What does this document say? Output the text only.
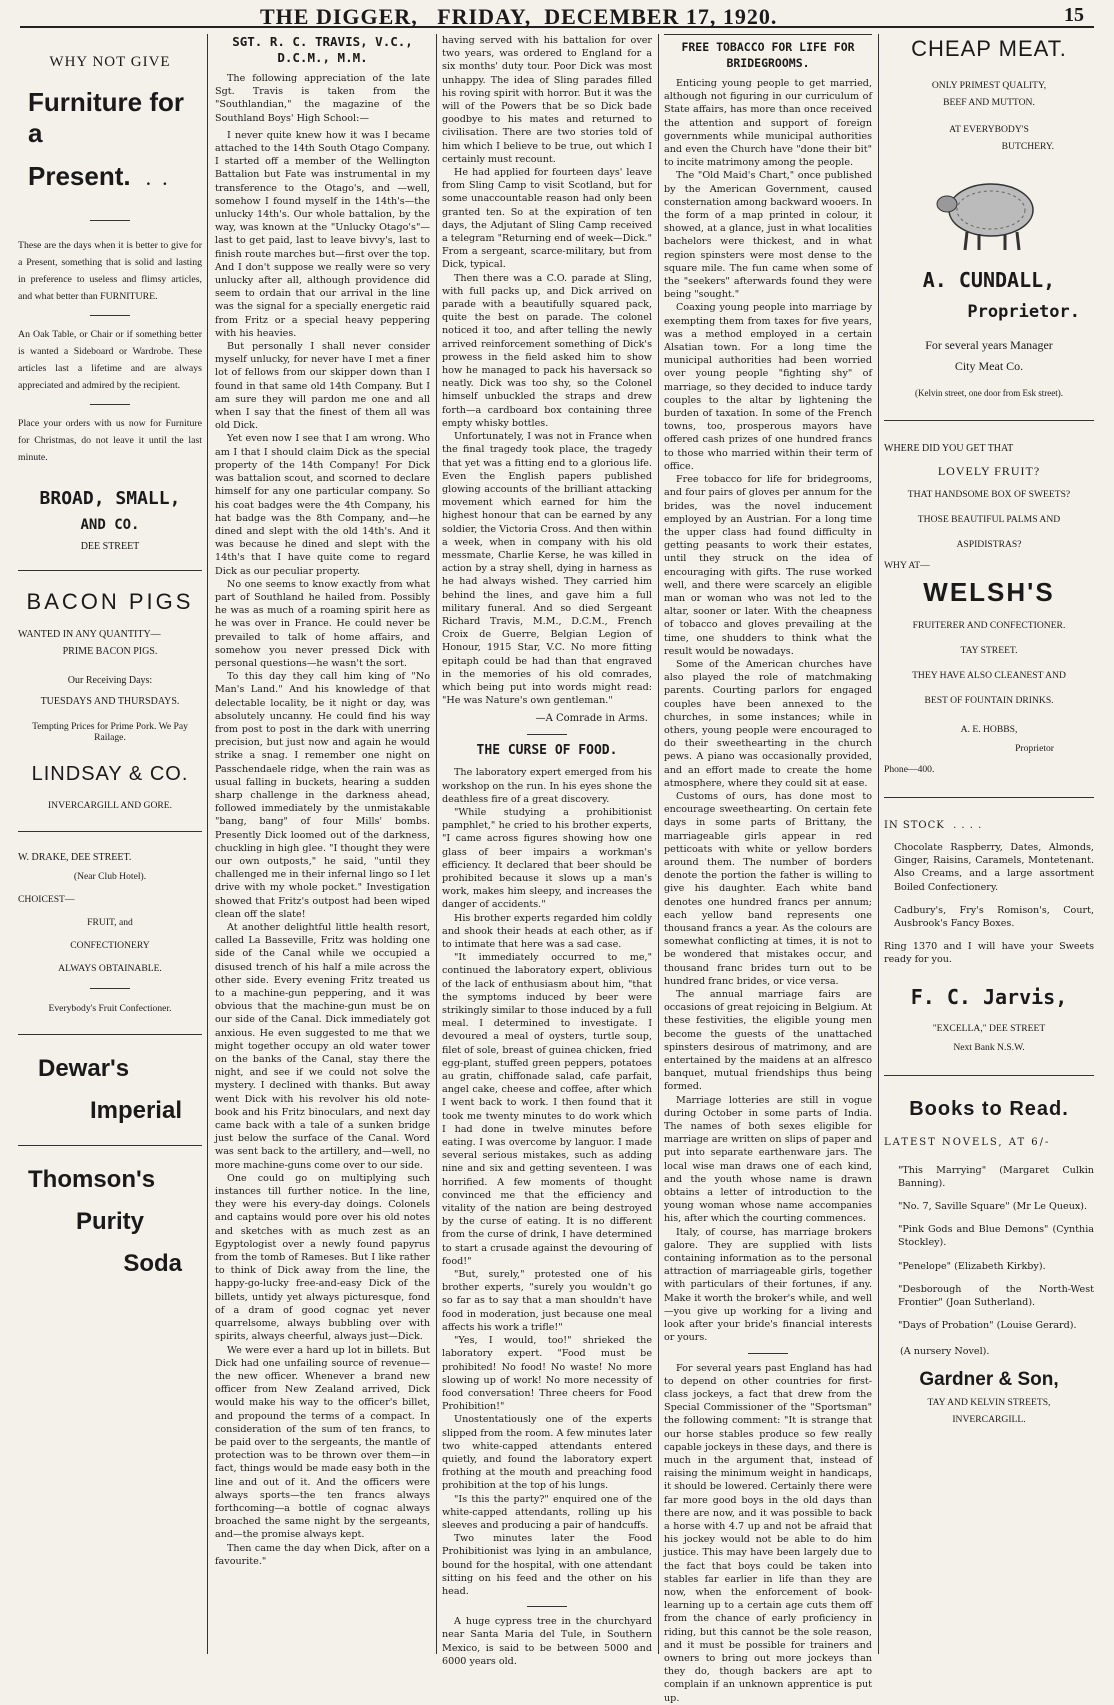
THE DIGGER,   FRIDAY,  DECEMBER 17, 1920.	15
WHY NOT GIVE
Furniture for a
Present.   .  .

These are the days when it is better to give for a Present, something that is solid and lasting in preference to useless and flimsy articles, and what better than FURNITURE.

An Oak Table, or Chair or if something better is wanted a Sideboard or Wardrobe. These articles last a lifetime and are always appreciated and admired by the recipient.

Place your orders with us now for Furniture for Christmas, do not leave it until the last minute.

BROAD, SMALL,
AND CO.
DEE STREET
BACON PIGS
WANTED IN ANY QUANTITY—
PRIME BACON PIGS.
Our Receiving Days:
TUESDAYS AND THURSDAYS.
Tempting Prices for Prime Pork. We Pay Railage.
LINDSAY & CO.
INVERCARGILL AND GORE.
W. DRAKE, DEE STREET.
(Near Club Hotel).
CHOICEST—
FRUIT, and
CONFECTIONERY
ALWAYS OBTAINABLE.
Everybody's Fruit Confectioner.
Dewar's
Imperial
Thomson's
Purity
Soda
SGT. R. C. TRAVIS, V.C., D.C.M., M.M.

The following appreciation of the late Sgt. Travis is taken from the "Southlandian," the magazine of the Southland Boys' High School:—

I never quite knew how it was I became attached to the 14th South Otago Company. I started off a member of the Wellington Battalion but Fate was instrumental in my transference to the Otago's, and —well, somehow I found myself in the 14th's—the unlucky 14th's. Our whole battalion, by the way, was known at the "Unlucky Otago's"—last to get paid, last to leave bivvy's, last to finish route marches but—first over the top. And I don't suppose we really were so very unlucky after all, although providence did seem to ordain that our arrival in the line was the signal for a specially energetic raid from Fritz or a special heavy peppering with his heavies.

But personally I shall never consider myself unlucky, for never have I met a finer lot of fellows from our skipper down than I found in that same old 14th Company. But I am sure they will pardon me one and all when I say that the finest of them all was old Dick.

Yet even now I see that I am wrong. Who am I that I should claim Dick as the special property of the 14th Company! For Dick was battalion scout, and scorned to declare himself for any one particular company. So his coat badges were the 4th Company, his hat badge was the 8th Company, and—he dined and slept with the old 14th's. And it was because he dined and slept with the 14th's that I have quite come to regard Dick as our peculiar property.

No one seems to know exactly from what part of Southland he hailed from. Possibly he was as much of a roaming spirit here as he was over in France. He could never be prevailed to talk of home affairs, and somehow you never pressed Dick with personal questions—he wasn't the sort.

To this day they call him king of "No Man's Land." And his knowledge of that delectable locality, be it night or day, was absolutely uncanny. He could find his way from post to post in the dark with unerring precision, but just now and again he would strike a snag. I remember one night on Passchendaele ridge, when the rain was as usual falling in buckets, hearing a sudden sharp challenge in the darkness ahead, followed immediately by the unmistakable "bang, bang" of four Mills' bombs. Presently Dick loomed out of the darkness, chuckling in high glee. "I thought they were our own outposts," he said, "until they challenged me in their infernal lingo so I let drive with my whole pocket." Investigation showed that Fritz's outpost had been wiped clean off the slate!

At another delightful little health resort, called La Basseville, Fritz was holding one side of the Canal while we occupied a disused trench of his half a mile across the other side. Every evening Fritz treated us to a machine-gun peppering, and it was obvious that the machine-gun must be on our side of the Canal. Dick immediately got anxious. He even suggested to me that we might together occupy an old water tower on the banks of the Canal, stay there the night, and see if we could not solve the mystery. I declined with thanks. But away went Dick with his revolver his old note-book and his Fritz binoculars, and next day came back with a tale of a sunken bridge just below the surface of the Canal. Word was sent back to the artillery, and—well, no more machine-guns come over to our side.

One could go on multiplying such instances till further notice. In the line, they were his every-day doings. Colonels and captains would pore over his old notes and sketches with as much zest as an Egyptologist over a newly found papyrus from the tomb of Rameses. But I like rather to think of Dick away from the line, the happy-go-lucky free-and-easy Dick of the billets, untidy yet always picturesque, fond of a dram of good cognac yet never quarrelsome, always bubbling over with spirits, always cheerful, always just—Dick.

We were ever a hard up lot in billets. But Dick had one unfailing source of revenue—the new officer. Whenever a brand new officer from New Zealand arrived, Dick would make his way to the officer's billet, and propound the terms of a compact. In consideration of the sum of ten francs, to be paid over to the sergeants, the mantle of protection was to be thrown over them—in fact, things would be made easy both in the line and out of it. And the officers were always sports—the ten francs always forthcoming—a bottle of cognac always broached the same night by the sergeants, and—the promise always kept.

Then came the day when Dick, after on a favourite."

having served with his battalion for over two years, was ordered to England for a six months' duty tour. Poor Dick was most unhappy. The idea of Sling parades filled his roving spirit with horror. But it was the will of the Powers that be so Dick bade goodbye to his mates and returned to civilisation. There are two stories told of him which I believe to be true, out which I certainly must recount.

He had applied for fourteen days' leave from Sling Camp to visit Scotland, but for some unaccountable reason had only been granted ten. So at the expiration of ten days, the Adjutant of Sling Camp received a telegram "Returning end of week—Dick." From a sergeant, scarce-military, but from Dick, typical.

Then there was a C.O. parade at Sling, with full packs up, and Dick arrived on parade with a beautifully squared pack, quite the best on parade. The colonel noticed it too, and after telling the newly arrived reinforcement something of Dick's prowess in the field asked him to show how he managed to pack his haversack so neatly. Dick was too shy, so the Colonel himself unbuckled the straps and drew forth—a cardboard box containing three empty whisky bottles.

Unfortunately, I was not in France when the final tragedy took place, the tragedy that yet was a fitting end to a glorious life. Even the English papers published glowing accounts of the brilliant attacking movement which earned for him the highest honour that can be earned by any soldier, the Victoria Cross. And then within a week, when in company with his old messmate, Charlie Kerse, he was killed in action by a stray shell, dying in harness as he had always wished. They carried him behind the lines, and gave him a full military funeral. And so died Sergeant Richard Travis, M.M., D.C.M., French Croix de Guerre, Belgian Legion of Honour, 1915 Star, V.C. No more fitting epitaph could be had than that engraved in the memories of his old comrades, which being put into words might read: "He was Nature's own gentleman."

—A Comrade in Arms.
THE CURSE OF FOOD.

The laboratory expert emerged from his workshop on the run. In his eyes shone the deathless fire of a great discovery.

"While studying a prohibitionist pamphlet," he cried to his brother experts, "I came across figures showing how one glass of beer impairs a workman's efficiency. It declared that beer should be prohibited because it slows up a man's work, makes him sleepy, and increases the danger of accidents."

His brother experts regarded him coldly and shook their heads at each other, as if to intimate that here was a sad case.

"It immediately occurred to me," continued the laboratory expert, oblivious of the lack of enthusiasm about him, "that the symptoms induced by beer were strikingly similar to those induced by a full meal. I determined to investigate. I devoured a meal of oysters, turtle soup, filet of sole, breast of guinea chicken, fried egg-plant, stuffed green peppers, potatoes au gratin, chiffonade salad, cafe parfait, angel cake, cheese and coffee, after which I went back to work. I then found that it took me twenty minutes to do work which I had done in twelve minutes before eating. I was overcome by languor. I made several serious mistakes, such as adding nine and six and getting seventeen. I was horrified. A few moments of thought convinced me that the efficiency and vitality of the nation are being destroyed by the curse of eating. It is no different from the curse of drink, I have determined to start a crusade against the devouring of food!"

"But, surely," protested one of his brother experts, "surely you wouldn't go so far as to say that a man shouldn't have food in moderation, just because one meal affects his work a trifle!"

"Yes, I would, too!" shrieked the laboratory expert. "Food must be prohibited! No food! No waste! No more slowing up of work! No more necessity of food conversation! Three cheers for Food Prohibition!"

Unostentatiously one of the experts slipped from the room. A few minutes later two white-capped attendants entered quietly, and found the laboratory expert frothing at the mouth and preaching food prohibition at the top of his lungs.

"Is this the party?" enquired one of the white-capped attendants, rolling up his sleeves and producing a pair of handcuffs.

Two minutes later the Food Prohibitionist was lying in an ambulance, bound for the hospital, with one attendant sitting on his feed and the other on his head.

A huge cypress tree in the churchyard near Santa Maria del Tule, in Southern Mexico, is said to be between 5000 and 6000 years old.

FREE TOBACCO FOR LIFE FOR BRIDEGROOMS.

Enticing young people to get married, although not figuring in our curriculum of State affairs, has more than once received the attention and support of foreign governments while municipal authorities and even the Church have "done their bit" to incite matrimony among the people.

The "Old Maid's Chart," once published by the American Government, caused consternation among backward wooers. In the form of a map printed in colour, it showed, at a glance, just in what localities bachelors were thickest, and in what region spinsters were most dense to the square mile. The fun came when some of the "seekers" afterwards found they were being "sought."

Coaxing young people into marriage by exempting them from taxes for five years, was a method employed in a certain Alsatian town. For a long time the municipal authorities had been worried over young people "fighting shy" of marriage, so they decided to induce tardy couples to the altar by lightening the burden of taxation. In some of the French towns, too, prosperous mayors have offered cash prizes of one hundred francs to those who married within their term of office.

Free tobacco for life for bridegrooms, and four pairs of gloves per annum for the brides, was the novel inducement employed by an Austrian. For a long time the upper class had found difficulty in getting peasants to work their estates, until they struck on the idea of encouraging with gifts. The ruse worked well, and there were scarcely an eligible man or woman who was not led to the altar, sooner or later. With the cheapness of tobacco and gloves prevailing at the time, one shudders to think what the result would be nowadays.

Some of the American churches have also played the role of matchmaking parents. Courting parlors for engaged couples have been annexed to the churches, in some instances; while in others, young people were encouraged to do their sweethearting in the church pews. A piano was occasionally provided, and an effort made to create the home atmosphere, where they could sit at ease.

Customs of ours, has done most to encourage sweethearting. On certain fete days in some parts of Brittany, the marriageable girls appear in red petticoats with white or yellow borders around them. The number of borders denote the portion the father is willing to give his daughter. Each white band denotes one hundred francs per annum; each yellow band represents one thousand francs a year. As the colours are somewhat conflicting at times, it is not to be wondered that mistakes occur, and thousand franc brides turn out to be hundred franc brides, or vice versa.

The annual marriage fairs are occasions of great rejoicing in Belgium. At these festivities, the eligible young men become the guests of the unattached spinsters desirous of matrimony, and are entertained by the maidens at an alfresco banquet, mutual friendships thus being formed.

Marriage lotteries are still in vogue during October in some parts of India. The names of both sexes eligible for marriage are written on slips of paper and put into separate earthenware jars. The local wise man draws one of each kind, and the youth whose name is drawn obtains a letter of introduction to the young woman whose name accompanies his, after which the courting commences.

Italy, of course, has marriage brokers galore. They are supplied with lists containing information as to the personal attraction of marriageable girls, together with particulars of their fortunes, if any. Make it worth the broker's while, and well—you give up working for a living and look after your bride's financial interests or yours.

For several years past England has had to depend on other countries for first-class jockeys, a fact that drew from the Special Commissioner of the "Sportsman" the following comment: "It is strange that our horse stables produce so few really capable jockeys in these days, and there is much in the argument that, instead of raising the minimum weight in handicaps, it should be lowered. Certainly there were far more good boys in the old days than there are now, and it was possible to back a horse with 4.7 up and not be afraid that his jockey would not be able to do him justice. This may have been largely due to the fact that boys could be taken into stables far earlier in life than they are now, when the enforcement of book-learning up to a certain age cuts them off from the chance of early proficiency in riding, but this cannot be the sole reason, and it must be possible for trainers and owners to bring out more jockeys than they do, though backers are apt to complain if an unknown apprentice is put up.

CHEAP MEAT.
ONLY PRIMEST QUALITY,
BEEF AND MUTTON.
AT EVERYBODY'S
BUTCHERY.
A. CUNDALL,
Proprietor.
For several years Manager
City Meat Co.
(Kelvin street, one door from Esk street).
WHERE DID YOU GET THAT
LOVELY FRUIT?
THAT HANDSOME BOX OF SWEETS?
THOSE BEAUTIFUL PALMS AND
ASPIDISTRAS?
WHY AT—
WELSH'S
FRUITERER AND CONFECTIONER.
TAY STREET.
THEY HAVE ALSO CLEANEST AND
BEST OF FOUNTAIN DRINKS.
A. E. HOBBS,
Proprietor
Phone—400.
IN STOCK  . . . .

Chocolate Raspberry, Dates, Almonds, Ginger, Raisins, Caramels, Montetenant. Also Creams, and a large assortment Boiled Confectionery.

Cadbury's, Fry's Romison's, Court, Ausbrook's Fancy Boxes.

Ring 1370 and I will have your Sweets ready for you.

F. C. Jarvis,
"EXCELLA," DEE STREET
Next Bank N.S.W.
Books to Read.
LATEST NOVELS, AT 6/-

"This Marrying" (Margaret Culkin Banning).

"No. 7, Saville Square" (Mr Le Queux).

"Pink Gods and Blue Demons" (Cynthia Stockley).

"Penelope" (Elizabeth Kirkby).

"Desborough of the North-West Frontier" (Joan Sutherland).

"Days of Probation" (Louise Gerard).

(A nursery Novel).
Gardner & Son,
TAY AND KELVIN STREETS,
INVERCARGILL.
